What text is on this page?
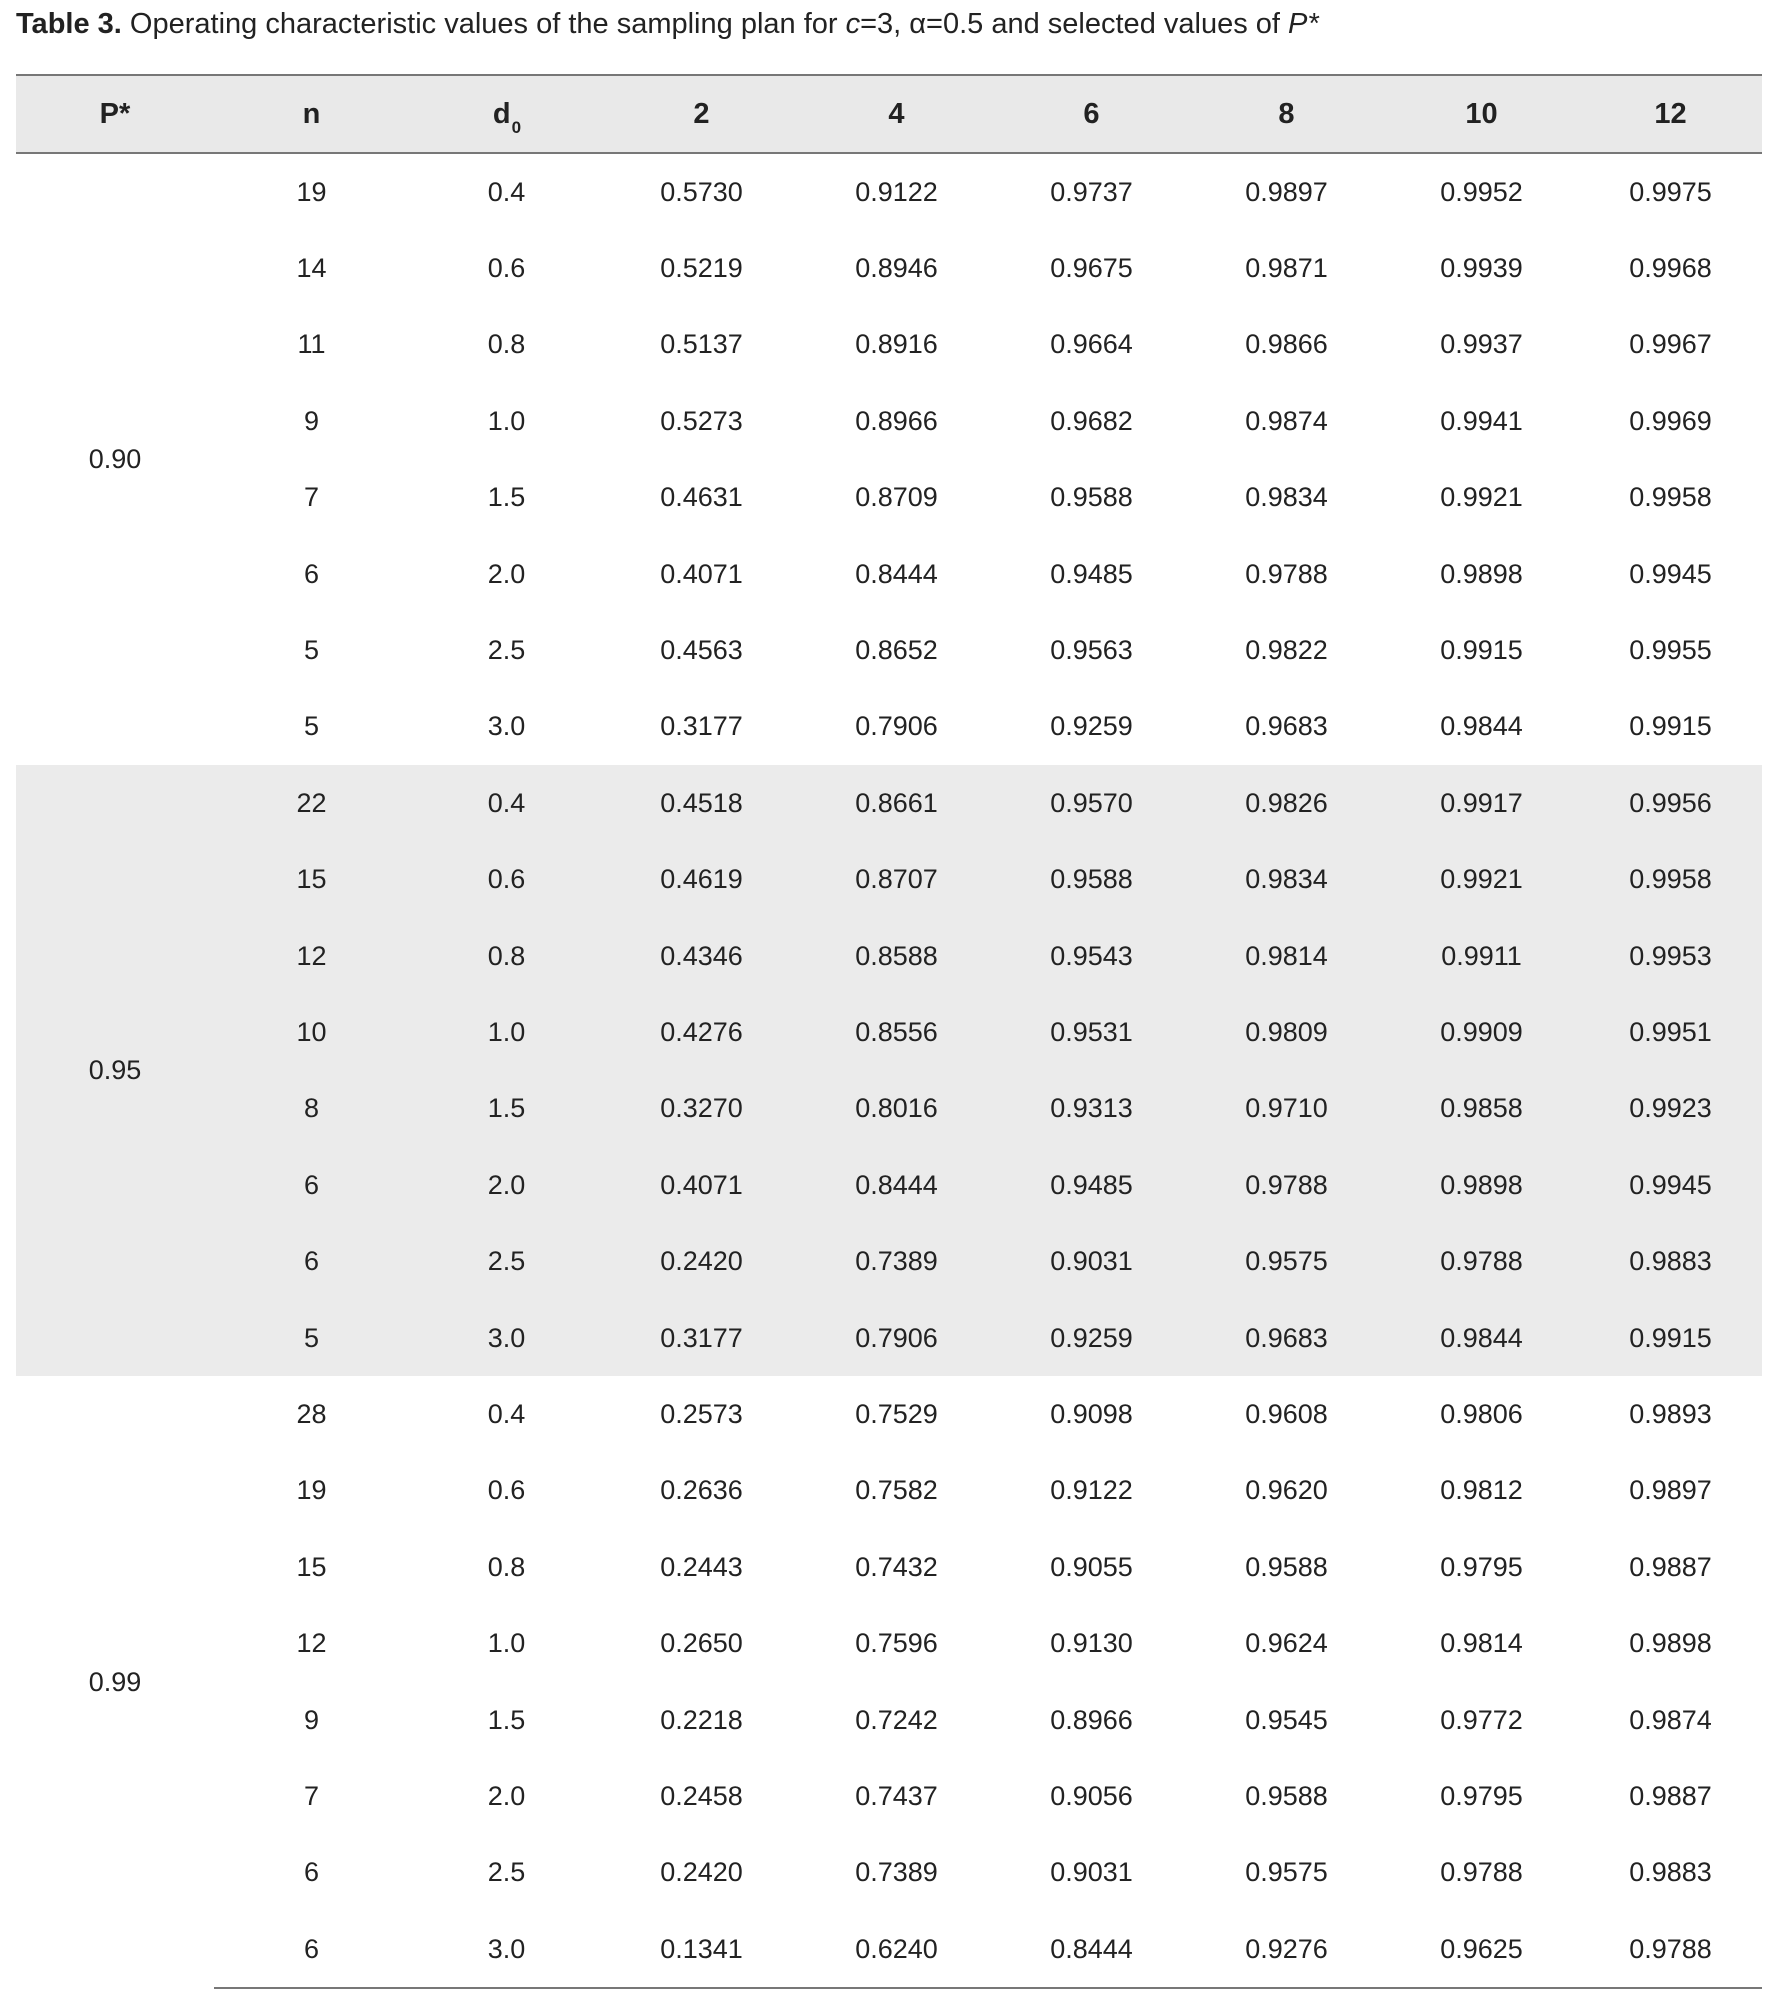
Table 3. Operating characteristic values of the sampling plan for c=3, α=0.5 and selected values of P*
P*	n	$d_0$	2	4	6	8	10	12
0.90	19	0.4	0.5730	0.9122	0.9737	0.9897	0.9952	0.9975
	14	0.6	0.5219	0.8946	0.9675	0.9871	0.9939	0.9968
	11	0.8	0.5137	0.8916	0.9664	0.9866	0.9937	0.9967
	9	1.0	0.5273	0.8966	0.9682	0.9874	0.9941	0.9969
	7	1.5	0.4631	0.8709	0.9588	0.9834	0.9921	0.9958
	6	2.0	0.4071	0.8444	0.9485	0.9788	0.9898	0.9945
	5	2.5	0.4563	0.8652	0.9563	0.9822	0.9915	0.9955
	5	3.0	0.3177	0.7906	0.9259	0.9683	0.9844	0.9915
0.95	22	0.4	0.4518	0.8661	0.9570	0.9826	0.9917	0.9956
	15	0.6	0.4619	0.8707	0.9588	0.9834	0.9921	0.9958
	12	0.8	0.4346	0.8588	0.9543	0.9814	0.9911	0.9953
	10	1.0	0.4276	0.8556	0.9531	0.9809	0.9909	0.9951
	8	1.5	0.3270	0.8016	0.9313	0.9710	0.9858	0.9923
	6	2.0	0.4071	0.8444	0.9485	0.9788	0.9898	0.9945
	6	2.5	0.2420	0.7389	0.9031	0.9575	0.9788	0.9883
	5	3.0	0.3177	0.7906	0.9259	0.9683	0.9844	0.9915
0.99	28	0.4	0.2573	0.7529	0.9098	0.9608	0.9806	0.9893
	19	0.6	0.2636	0.7582	0.9122	0.9620	0.9812	0.9897
	15	0.8	0.2443	0.7432	0.9055	0.9588	0.9795	0.9887
	12	1.0	0.2650	0.7596	0.9130	0.9624	0.9814	0.9898
	9	1.5	0.2218	0.7242	0.8966	0.9545	0.9772	0.9874
	7	2.0	0.2458	0.7437	0.9056	0.9588	0.9795	0.9887
	6	2.5	0.2420	0.7389	0.9031	0.9575	0.9788	0.9883
	6	3.0	0.1341	0.6240	0.8444	0.9276	0.9625	0.9788
